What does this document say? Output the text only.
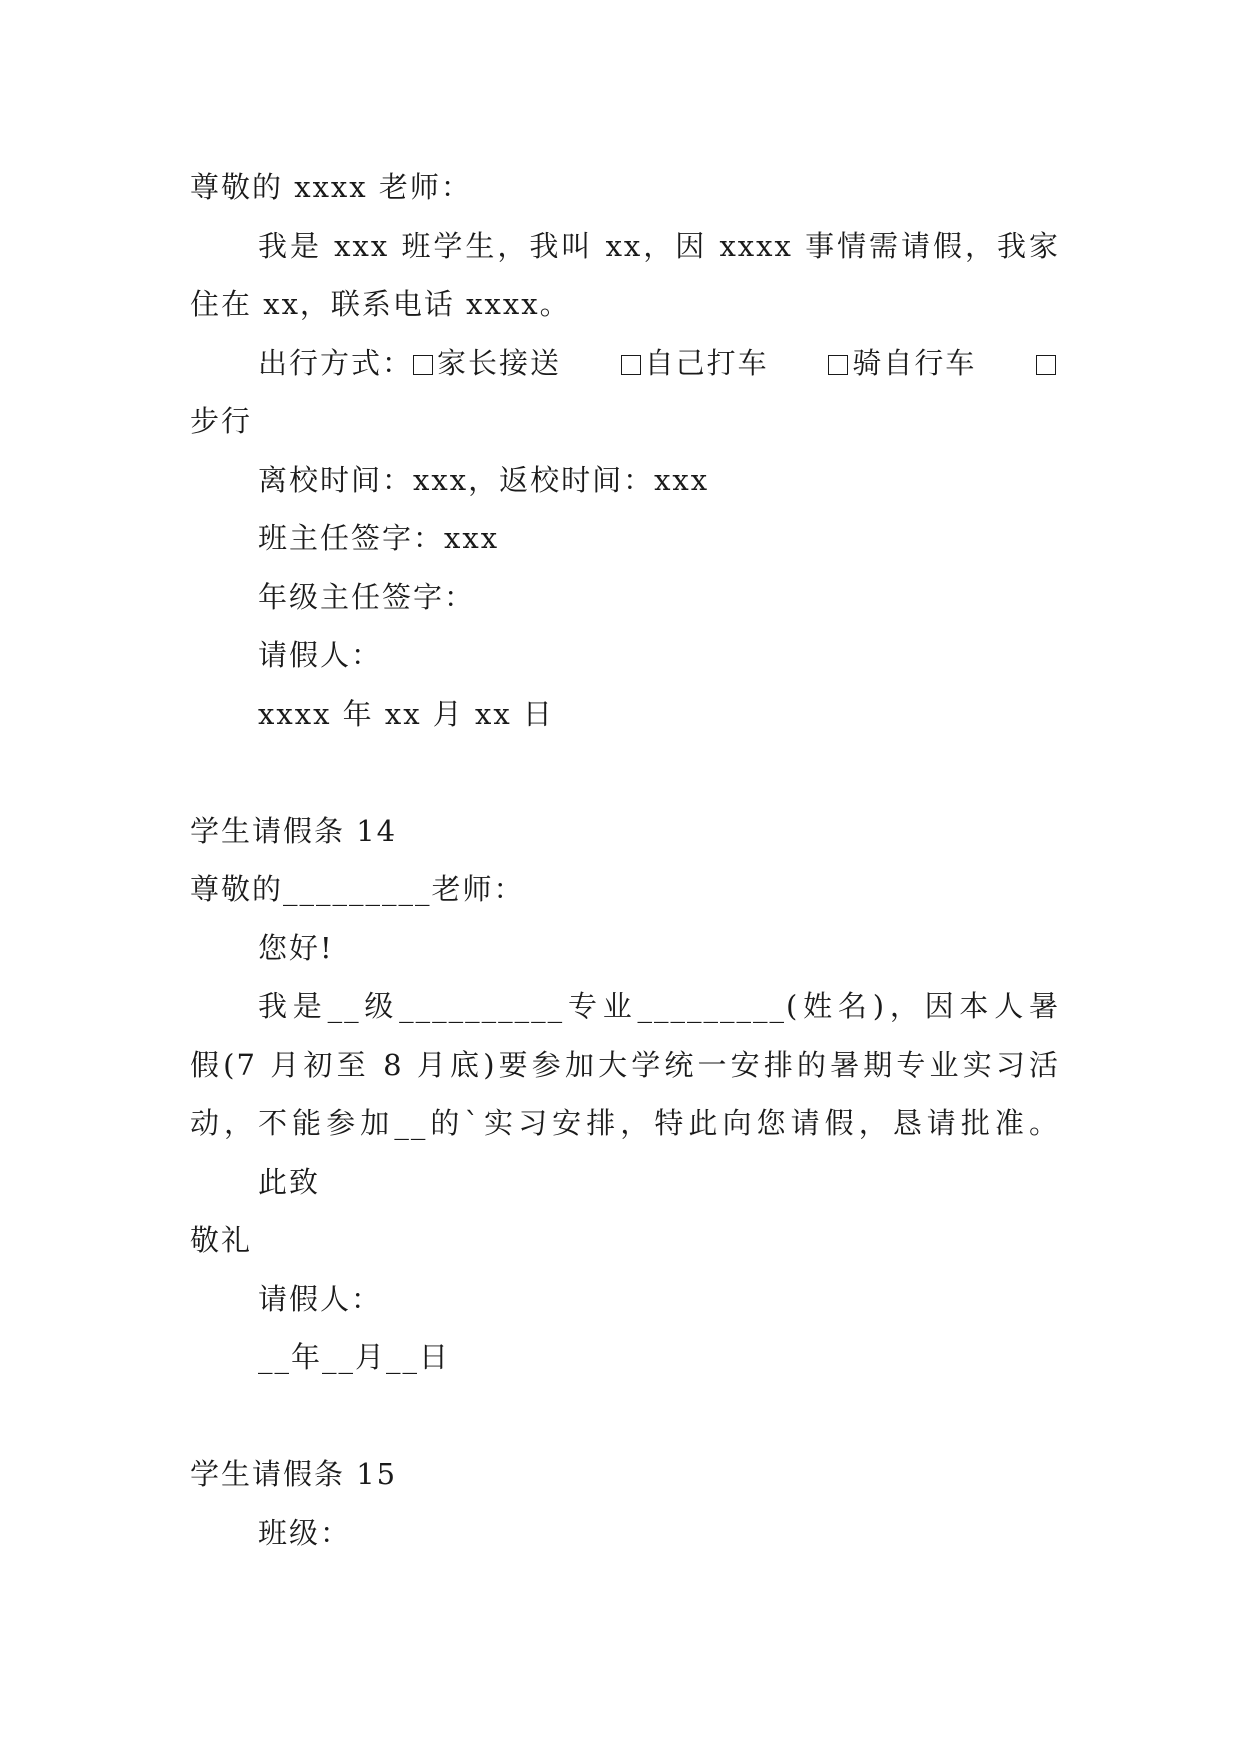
尊敬的 xxxx 老师：
我是 xxx 班学生，我叫 xx，因 xxxx 事情需请假，我家
住在 xx，联系电话 xxxx。
出行方式： 家长接送	自己打车	骑自行车
步行
离校时间：xxx，返校时间：xxx
班主任签字：xxx
年级主任签字：
请假人：
xxxx 年 xx 月 xx 日
学生请假条 14
尊敬的_________老师：
您好!
我是__级__________专业_________(姓名)，因本人暑
假(7 月初至 8 月底)要参加大学统一安排的暑期专业实习活
动，不能参加__的`实习安排，特此向您请假，恳请批准。
此致
敬礼
请假人：
__年__月__日
学生请假条 15
班级：
